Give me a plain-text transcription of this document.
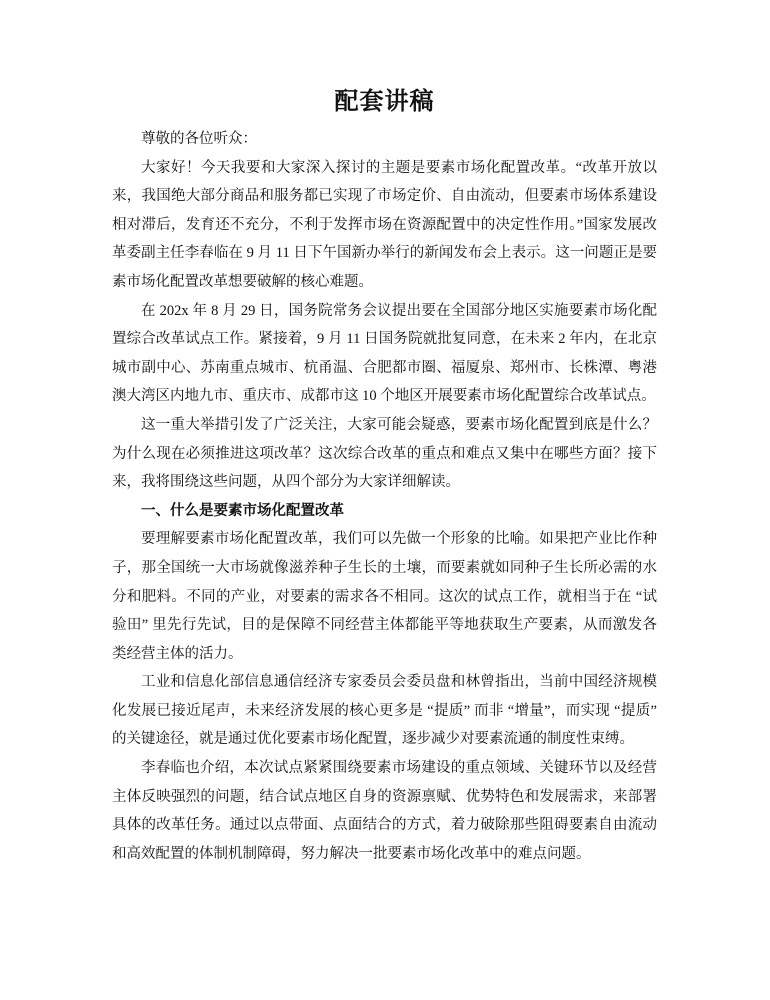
配套讲稿

尊敬的各位听众：

大家好！今天我要和大家深入探讨的主题是要素市场化配置改革。“改革开放以来，我国绝大部分商品和服务都已实现了市场定价、自由流动，但要素市场体系建设相对滞后，发育还不充分，不利于发挥市场在资源配置中的决定性作用。”国家发展改革委副主任李春临在 9 月 11 日下午国新办举行的新闻发布会上表示。这一问题正是要素市场化配置改革想要破解的核心难题。

在 202x 年 8 月 29 日，国务院常务会议提出要在全国部分地区实施要素市场化配置综合改革试点工作。紧接着，9 月 11 日国务院就批复同意，在未来 2 年内，在北京城市副中心、苏南重点城市、杭甬温、合肥都市圈、福厦泉、郑州市、长株潭、粤港澳大湾区内地九市、重庆市、成都市这 10 个地区开展要素市场化配置综合改革试点。

这一重大举措引发了广泛关注，大家可能会疑惑，要素市场化配置到底是什么？为什么现在必须推进这项改革？这次综合改革的重点和难点又集中在哪些方面？接下来，我将围绕这些问题，从四个部分为大家详细解读。

一、什么是要素市场化配置改革

要理解要素市场化配置改革，我们可以先做一个形象的比喻。如果把产业比作种子，那全国统一大市场就像滋养种子生长的土壤，而要素就如同种子生长所必需的水分和肥料。不同的产业，对要素的需求各不相同。这次的试点工作，就相当于在 “试验田” 里先行先试，目的是保障不同经营主体都能平等地获取生产要素，从而激发各类经营主体的活力。

工业和信息化部信息通信经济专家委员会委员盘和林曾指出，当前中国经济规模化发展已接近尾声，未来经济发展的核心更多是 “提质” 而非 “增量”，而实现 “提质” 的关键途径，就是通过优化要素市场化配置，逐步减少对要素流通的制度性束缚。

李春临也介绍，本次试点紧紧围绕要素市场建设的重点领域、关键环节以及经营主体反映强烈的问题，结合试点地区自身的资源禀赋、优势特色和发展需求，来部署具体的改革任务。通过以点带面、点面结合的方式，着力破除那些阻碍要素自由流动和高效配置的体制机制障碍，努力解决一批要素市场化改革中的难点问题。
